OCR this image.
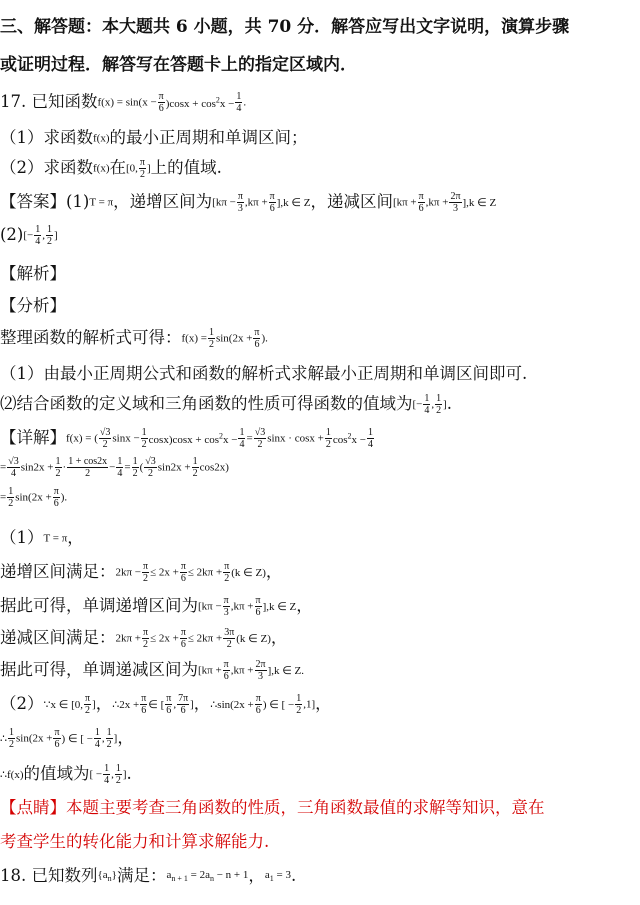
三、解答题：本大题共 6 小题，共 70 分．解答应写出文字说明，演算步骤
或证明过程．解答写在答题卡上的指定区域内．
17. 已知函数$f(x) = \sin(x - \frac{\pi}{6} )\cos x + \cos^2x - \frac{1}{4}$ .
（1）求函数f(x)的最小正周期和单调区间；
（2）求函数f(x)在[0, $\frac{\pi}{2}$ ]上的值域.
【答案】(1)T = π，递增区间为$[k\pi - \frac{\pi}{3} ,k\pi + \frac{\pi}{6} ],k$ ∈ Z，递减区间$[k\pi + \frac{\pi}{6} ,k\pi + \frac{2\pi}{3} ],k$ ∈ Z
$(2)[- \frac{1}{4}$ , $\frac{1}{2}$ ]
【解析】
【分析】
整理函数的解析式可得：$f(x) = \frac{1}{2} \sin(2x + \frac{\pi}{6}$ ).
（1）由最小正周期公式和函数的解析式求解最小正周期和单调区间即可.
⑵结合函数的定义域和三角函数的性质可得函数的值域为[− $\frac{1}{4}$ , $\frac{1}{2}$ ].
【详解】f(x) = ( $\frac{√3}{2}$ $\sin x - \frac{1}{2} \cos x)\cos x + \cos^2x - \frac{1}{4} = \frac{√3}{2}$ $\sin x \cdot \cos x + \frac{1}{2} \cos^2x - \frac{1}{4}$
= $\frac{√3}{4} \sin 2x + \frac{1}{2} \cdot \frac{1 + \cos 2x}{2} - \frac{1}{4} = \frac{1}{2}$ ( $\frac{√3}{2} \sin 2x + \frac{1}{2} \cos 2x$)
= $\frac{1}{2} \sin(2x + \frac{\pi}{6}$ ).
（1）T = π，
递增区间满足：$2k\pi - \frac{\pi}{2} \le 2x + \frac{\pi}{6} \le 2k\pi + \frac{\pi}{2} (k$ ∈ Z)，
据此可得，单调递增区间为$[k\pi - \frac{\pi}{3} ,k\pi + \frac{\pi}{6} ],k$ ∈ Z，
递减区间满足：$2k\pi + \frac{\pi}{2} \le 2x + \frac{\pi}{6} \le 2k\pi + \frac{3\pi}{2} (k$ ∈ Z)，
据此可得，单调递减区间为$[k\pi + \frac{\pi}{6} ,k\pi + \frac{2\pi}{3} ],k$ ∈ Z.
（2）∵x ∈ [0, $\frac{\pi}{2}$ ]，∴2x + $\frac{\pi}{6}$ ∈ [ $\frac{\pi}{6}$ , $\frac{7\pi}{6}$ ]，∴sin(2x + $\frac{\pi}{6}$ ) ∈ [ − $\frac{1}{2} ,1$]，
∴ $\frac{1}{2} \sin(2x + \frac{\pi}{6}$ ) ∈ [ − $\frac{1}{4}$ , $\frac{1}{2}$ ]，
∴f(x)的值域为[ − $\frac{1}{4}$ , $\frac{1}{2}$ ].
【点睛】本题主要考查三角函数的性质，三角函数最值的求解等知识，意在
考查学生的转化能力和计算求解能力.
18. 已知数列$\{a_n\}$满足：$a_{n + 1} = 2a_n - n + 1$，$a_1 = 3$.
